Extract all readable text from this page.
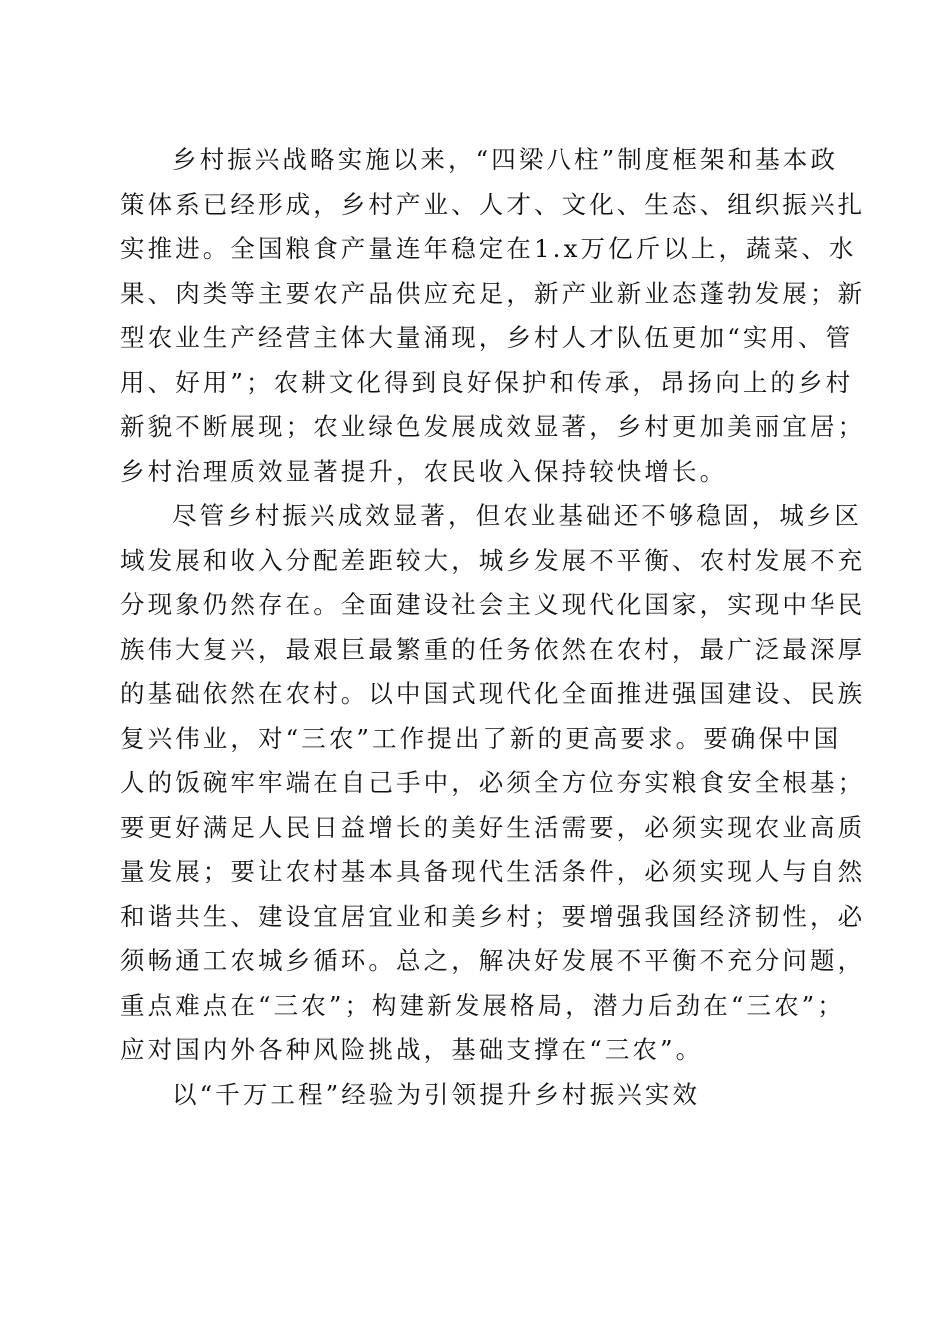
乡村振兴战略实施以来，“四梁八柱”制度框架和基本政
策体系已经形成，乡村产业、人才、文化、生态、组织振兴扎
实推进。全国粮食产量连年稳定在1.x万亿斤以上，蔬菜、水
果、肉类等主要农产品供应充足，新产业新业态蓬勃发展；新
型农业生产经营主体大量涌现，乡村人才队伍更加“实用、管
用、好用”；农耕文化得到良好保护和传承，昂扬向上的乡村
新貌不断展现；农业绿色发展成效显著，乡村更加美丽宜居；
乡村治理质效显著提升，农民收入保持较快增长。
尽管乡村振兴成效显著，但农业基础还不够稳固，城乡区
域发展和收入分配差距较大，城乡发展不平衡、农村发展不充
分现象仍然存在。全面建设社会主义现代化国家，实现中华民
族伟大复兴，最艰巨最繁重的任务依然在农村，最广泛最深厚
的基础依然在农村。以中国式现代化全面推进强国建设、民族
复兴伟业，对“三农”工作提出了新的更高要求。要确保中国
人的饭碗牢牢端在自己手中，必须全方位夯实粮食安全根基；
要更好满足人民日益增长的美好生活需要，必须实现农业高质
量发展；要让农村基本具备现代生活条件，必须实现人与自然
和谐共生、建设宜居宜业和美乡村；要增强我国经济韧性，必
须畅通工农城乡循环。总之，解决好发展不平衡不充分问题，
重点难点在“三农”；构建新发展格局，潜力后劲在“三农”；
应对国内外各种风险挑战，基础支撑在“三农”。
以“千万工程”经验为引领提升乡村振兴实效
